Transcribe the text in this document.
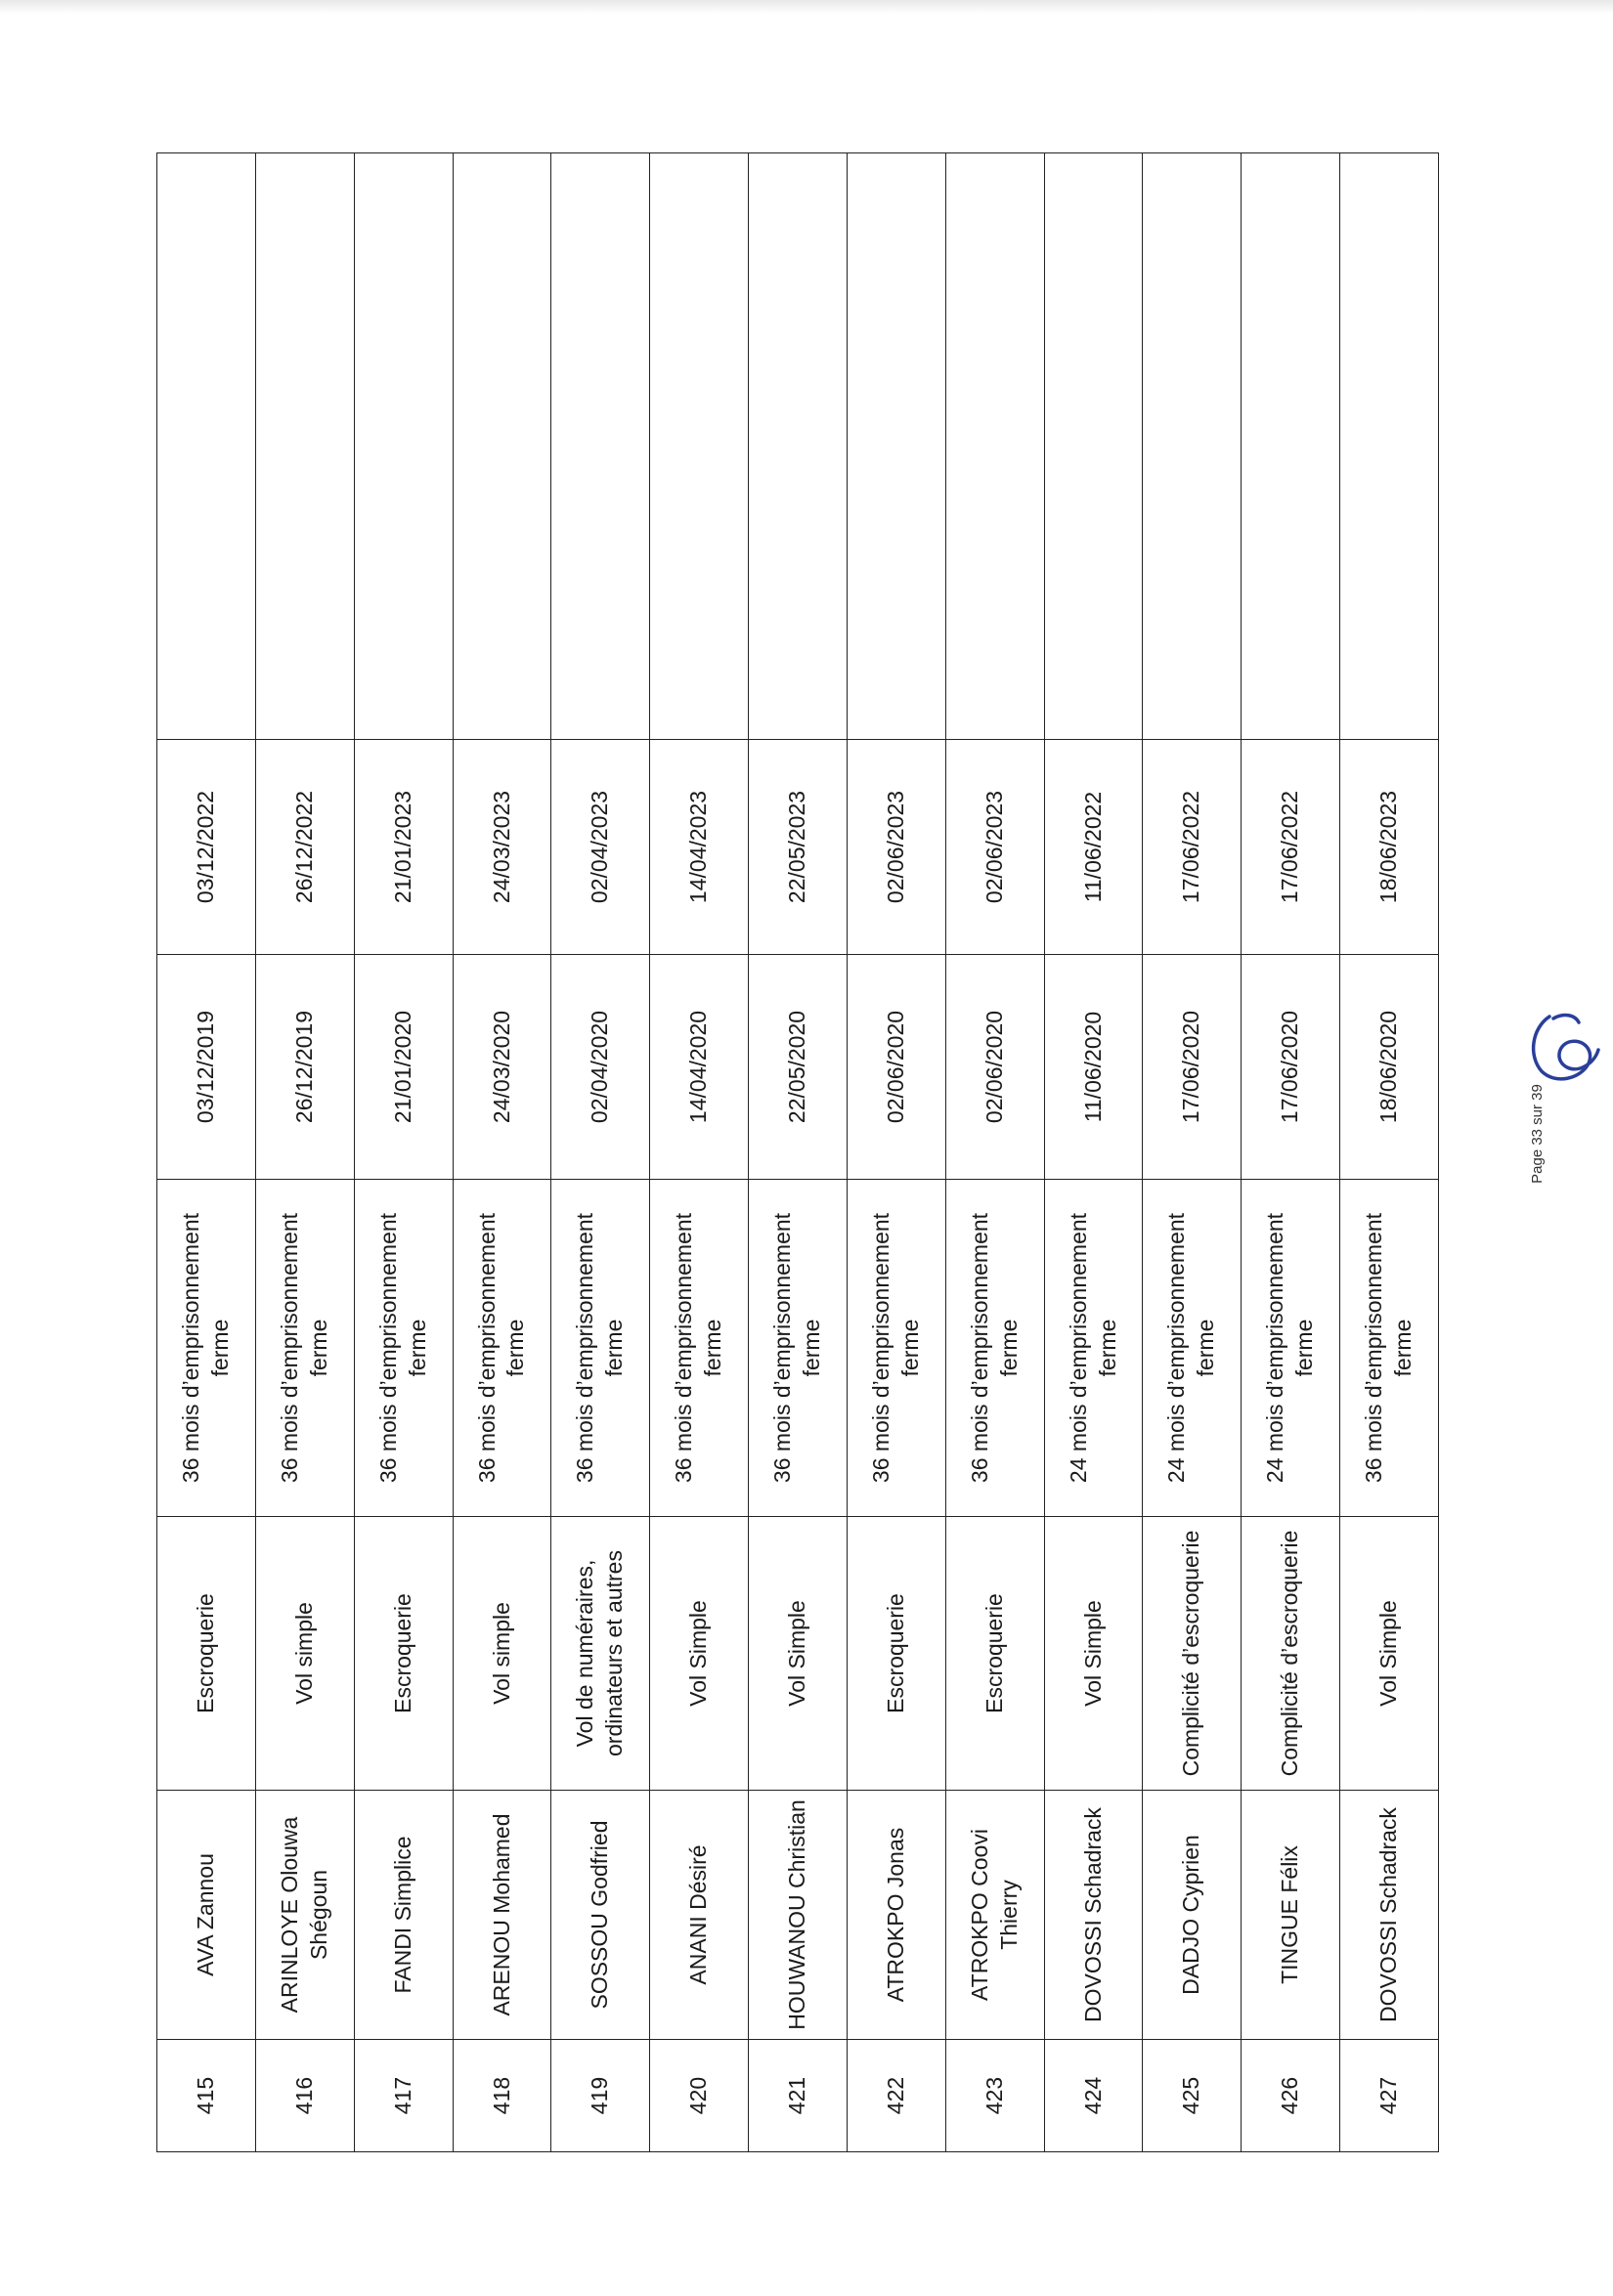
415	AVA Zannou	Escroquerie	36 mois d’emprisonnement ferme	03/12/2019	03/12/2022	
416	ARINLOYE Olouwa Shégoun	Vol simple	36 mois d’emprisonnement ferme	26/12/2019	26/12/2022	
417	FANDI Simplice	Escroquerie	36 mois d’emprisonnement ferme	21/01/2020	21/01/2023	
418	ARENOU Mohamed	Vol simple	36 mois d’emprisonnement ferme	24/03/2020	24/03/2023	
419	SOSSOU Godfried	Vol de numéraires, ordinateurs et autres	36 mois d’emprisonnement ferme	02/04/2020	02/04/2023	
420	ANANI Désiré	Vol Simple	36 mois d’emprisonnement ferme	14/04/2020	14/04/2023	
421	HOUWANOU Christian	Vol Simple	36 mois d’emprisonnement ferme	22/05/2020	22/05/2023	
422	ATROKPO Jonas	Escroquerie	36 mois d’emprisonnement ferme	02/06/2020	02/06/2023	
423	ATROKPO Coovi Thierry	Escroquerie	36 mois d’emprisonnement ferme	02/06/2020	02/06/2023	
424	DOVOSSI Schadrack	Vol Simple	24 mois d’emprisonnement ferme	11/06/2020	11/06/2022	
425	DADJO Cyprien	Complicité d’escroquerie	24 mois d’emprisonnement ferme	17/06/2020	17/06/2022	
426	TINGUE Félix	Complicité d’escroquerie	24 mois d’emprisonnement ferme	17/06/2020	17/06/2022	
427	DOVOSSI Schadrack	Vol Simple	36 mois d’emprisonnement ferme	18/06/2020	18/06/2023	
Page 33 sur 39
